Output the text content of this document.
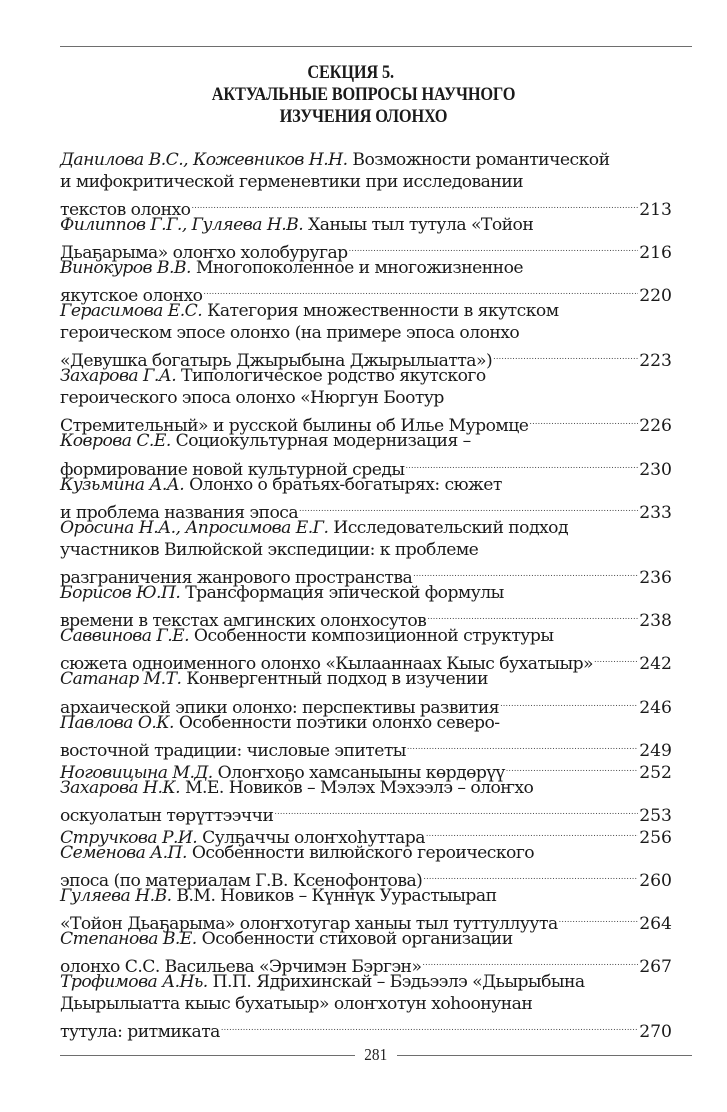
СЕКЦИЯ 5.
АКТУАЛЬНЫЕ ВОПРОСЫ НАУЧНОГО
ИЗУЧЕНИЯ ОЛОНХО
Данилова В.С., Кожевников Н.Н. Возможности романтической
и мифокритической герменевтики при исследовании
текстов олонхо .....	213
Филиппов Г.Г., Гуляева Н.В. Ханыы тыл тутула «Тойон
Дьаҕарыма» олоҥхо холобуругар .....	216
Винокуров В.В. Многопоколенное и многожизненное
якутское олонхо .....	220
Герасимова Е.С. Категория множественности в якутском
героическом эпосе олонхо (на примере эпоса олонхо
«Девушка богатырь Джырыбына Джырылыатта») .....	223
Захарова Г.А. Типологическое родство якутского
героического эпоса олонхо «Нюргун Боотур
Стремительный» и русской былины об Илье Муромце .....	226
Коврова С.Е. Социокультурная модернизация –
формирование новой культурной среды .....	230
Кузьмина А.А. Олонхо о братьях-богатырях: сюжет
и проблема названия эпоса .....	233
Оросина Н.А., Апросимова Е.Г. Исследовательский подход
участников Вилюйской экспедиции: к проблеме
разграничения жанрового пространства .....	236
Борисов Ю.П. Трансформация эпической формулы
времени в текстах амгинских олонхосутов .....	238
Саввинова Г.Е. Особенности композиционной структуры
сюжета одноименного олонхо «Кылааннаах Кыыс бухатыыр» .....	242
Сатанар М.Т. Конвергентный подход в изучении
архаической эпики олонхо: перспективы развития .....	246
Павлова О.К. Особенности поэтики олонхо северо-
восточной традиции: числовые эпитеты .....	249
Ноговицына М.Д. Олоҥхоҕо хамсаныыны көрдөрүү .....	252
Захарова Н.К. М.Е. Новиков – Мэлэх Мэхээлэ – олоҥхо
оскуолатын төрүттээччи .....	253
Стручкова Р.И. Сулҕаччы олоҥхоһуттара .....	256
Семенова А.П. Особенности вилюйского героического
эпоса (по материалам Г.В. Ксенофонтова) .....	260
Гуляева Н.В. В.М. Новиков – Күннүк Уурастыырап
«Тойон Дьаҕарыма» олоҥхотугар ханыы тыл туттуллуута .....	264
Степанова В.Е. Особенности стиховой организации
олонхо С.С. Васильева «Эрчимэн Бэргэн» .....	267
Трофимова А.Нь. П.П. Ядрихинскай – Бэдьээлэ «Дьырыбына
Дьырылыатта кыыс бухатыыр» олоҥхотун хоһоонунан
тутула: ритмиката .....	270
281
